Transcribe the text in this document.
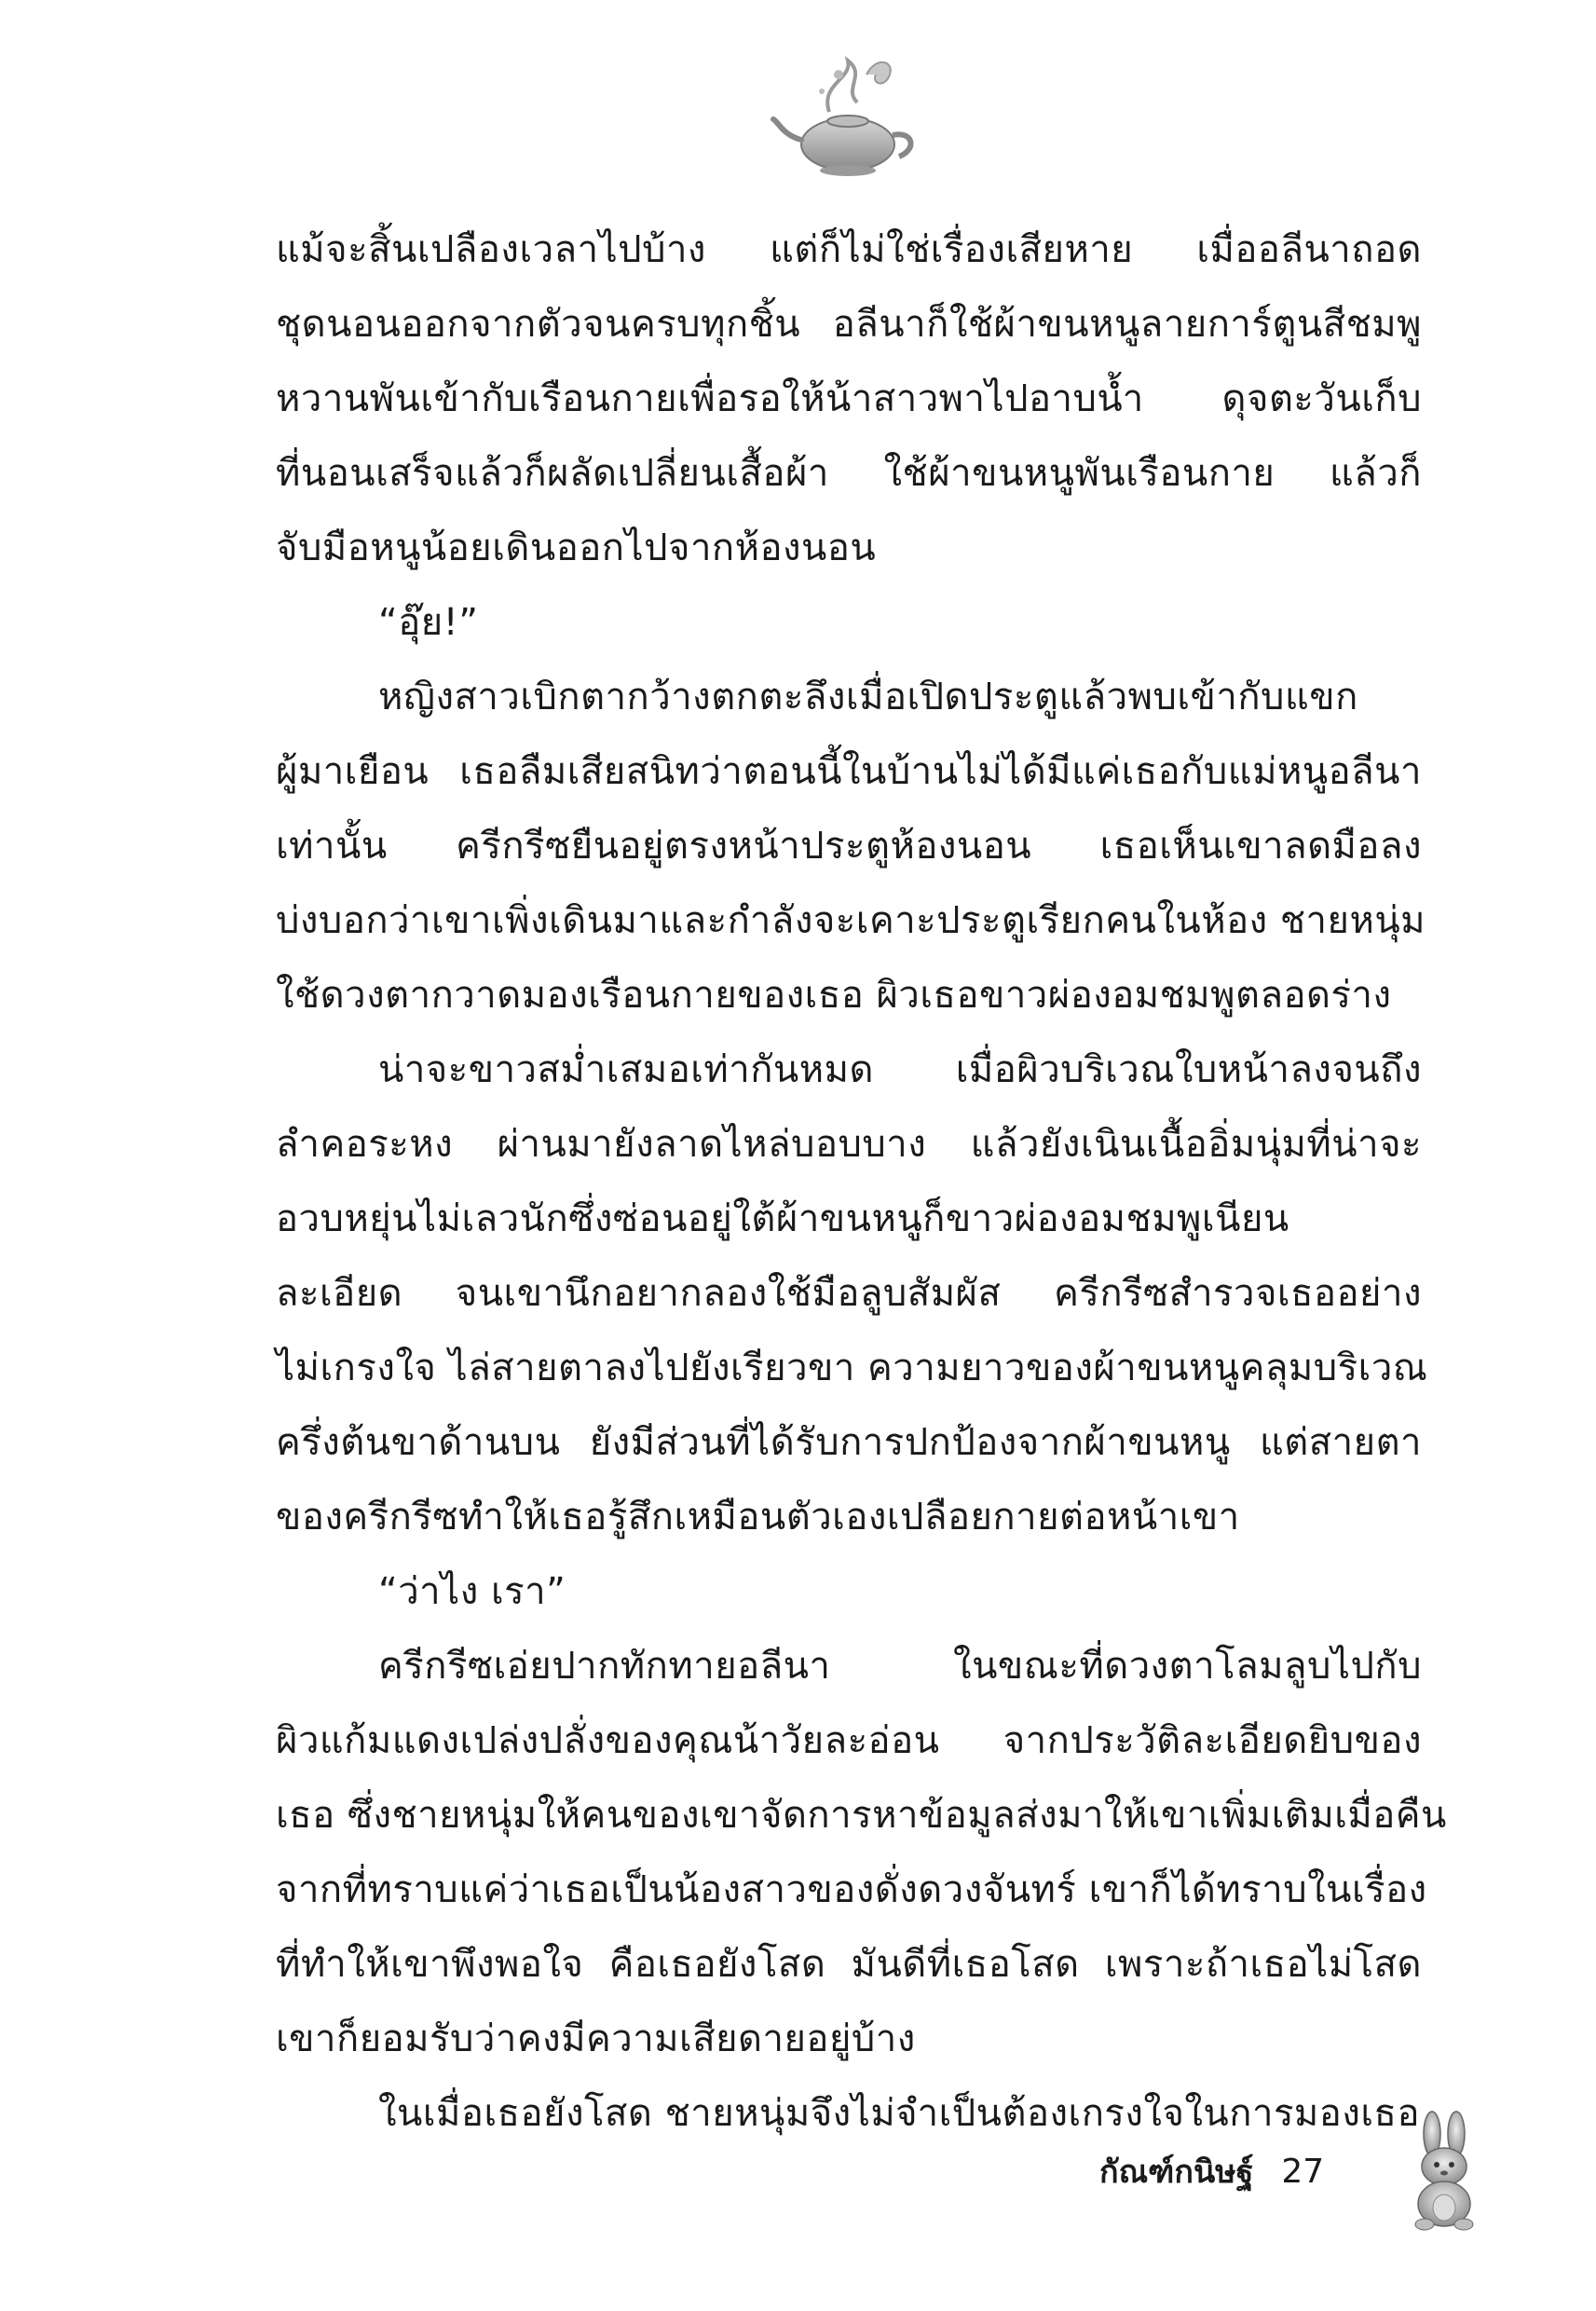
แม้จะสิ้นเปลืองเวลาไปบ้าง แต่ก็ไม่ใช่เรื่องเสียหาย เมื่ออลีนาถอด
ชุดนอนออกจากตัวจนครบทุกชิ้น อลีนาก็ใช้ผ้าขนหนูลายการ์ตูนสีชมพู
หวานพันเข้ากับเรือนกายเพื่อรอให้น้าสาวพาไปอาบน้ำ ดุจตะวันเก็บ
ที่นอนเสร็จแล้วก็ผลัดเปลี่ยนเสื้อผ้า ใช้ผ้าขนหนูพันเรือนกาย แล้วก็
จับมือหนูน้อยเดินออกไปจากห้องนอน
“อุ๊ย!”
หญิงสาวเบิกตากว้างตกตะลึงเมื่อเปิดประตูแล้วพบเข้ากับแขก
ผู้มาเยือน เธอลืมเสียสนิทว่าตอนนี้ในบ้านไม่ได้มีแค่เธอกับแม่หนูอลีนา
เท่านั้น ครีกรีซยืนอยู่ตรงหน้าประตูห้องนอน เธอเห็นเขาลดมือลง
บ่งบอกว่าเขาเพิ่งเดินมาและกำลังจะเคาะประตูเรียกคนในห้อง ชายหนุ่ม
ใช้ดวงตากวาดมองเรือนกายของเธอ ผิวเธอขาวผ่องอมชมพูตลอดร่าง
น่าจะขาวสม่ำเสมอเท่ากันหมด เมื่อผิวบริเวณใบหน้าลงจนถึง
ลำคอระหง ผ่านมายังลาดไหล่บอบบาง แล้วยังเนินเนื้ออิ่มนุ่มที่น่าจะ
อวบหยุ่นไม่เลวนักซึ่งซ่อนอยู่ใต้ผ้าขนหนูก็ขาวผ่องอมชมพูเนียน
ละเอียด จนเขานึกอยากลองใช้มือลูบสัมผัส ครีกรีซสำรวจเธออย่าง
ไม่เกรงใจ ไล่สายตาลงไปยังเรียวขา ความยาวของผ้าขนหนูคลุมบริเวณ
ครึ่งต้นขาด้านบน ยังมีส่วนที่ได้รับการปกป้องจากผ้าขนหนู แต่สายตา
ของครีกรีซทำให้เธอรู้สึกเหมือนตัวเองเปลือยกายต่อหน้าเขา
“ว่าไง เรา”
ครีกรีซเอ่ยปากทักทายอลีนา ในขณะที่ดวงตาโลมลูบไปกับ
ผิวแก้มแดงเปล่งปลั่งของคุณน้าวัยละอ่อน จากประวัติละเอียดยิบของ
เธอ ซึ่งชายหนุ่มให้คนของเขาจัดการหาข้อมูลส่งมาให้เขาเพิ่มเติมเมื่อคืน
จากที่ทราบแค่ว่าเธอเป็นน้องสาวของดั่งดวงจันทร์ เขาก็ได้ทราบในเรื่อง
ที่ทำให้เขาพึงพอใจ คือเธอยังโสด มันดีที่เธอโสด เพราะถ้าเธอไม่โสด
เขาก็ยอมรับว่าคงมีความเสียดายอยู่บ้าง
ในเมื่อเธอยังโสด ชายหนุ่มจึงไม่จำเป็นต้องเกรงใจในการมองเธอ
กัณฑ์กนิษฐ์ 27
